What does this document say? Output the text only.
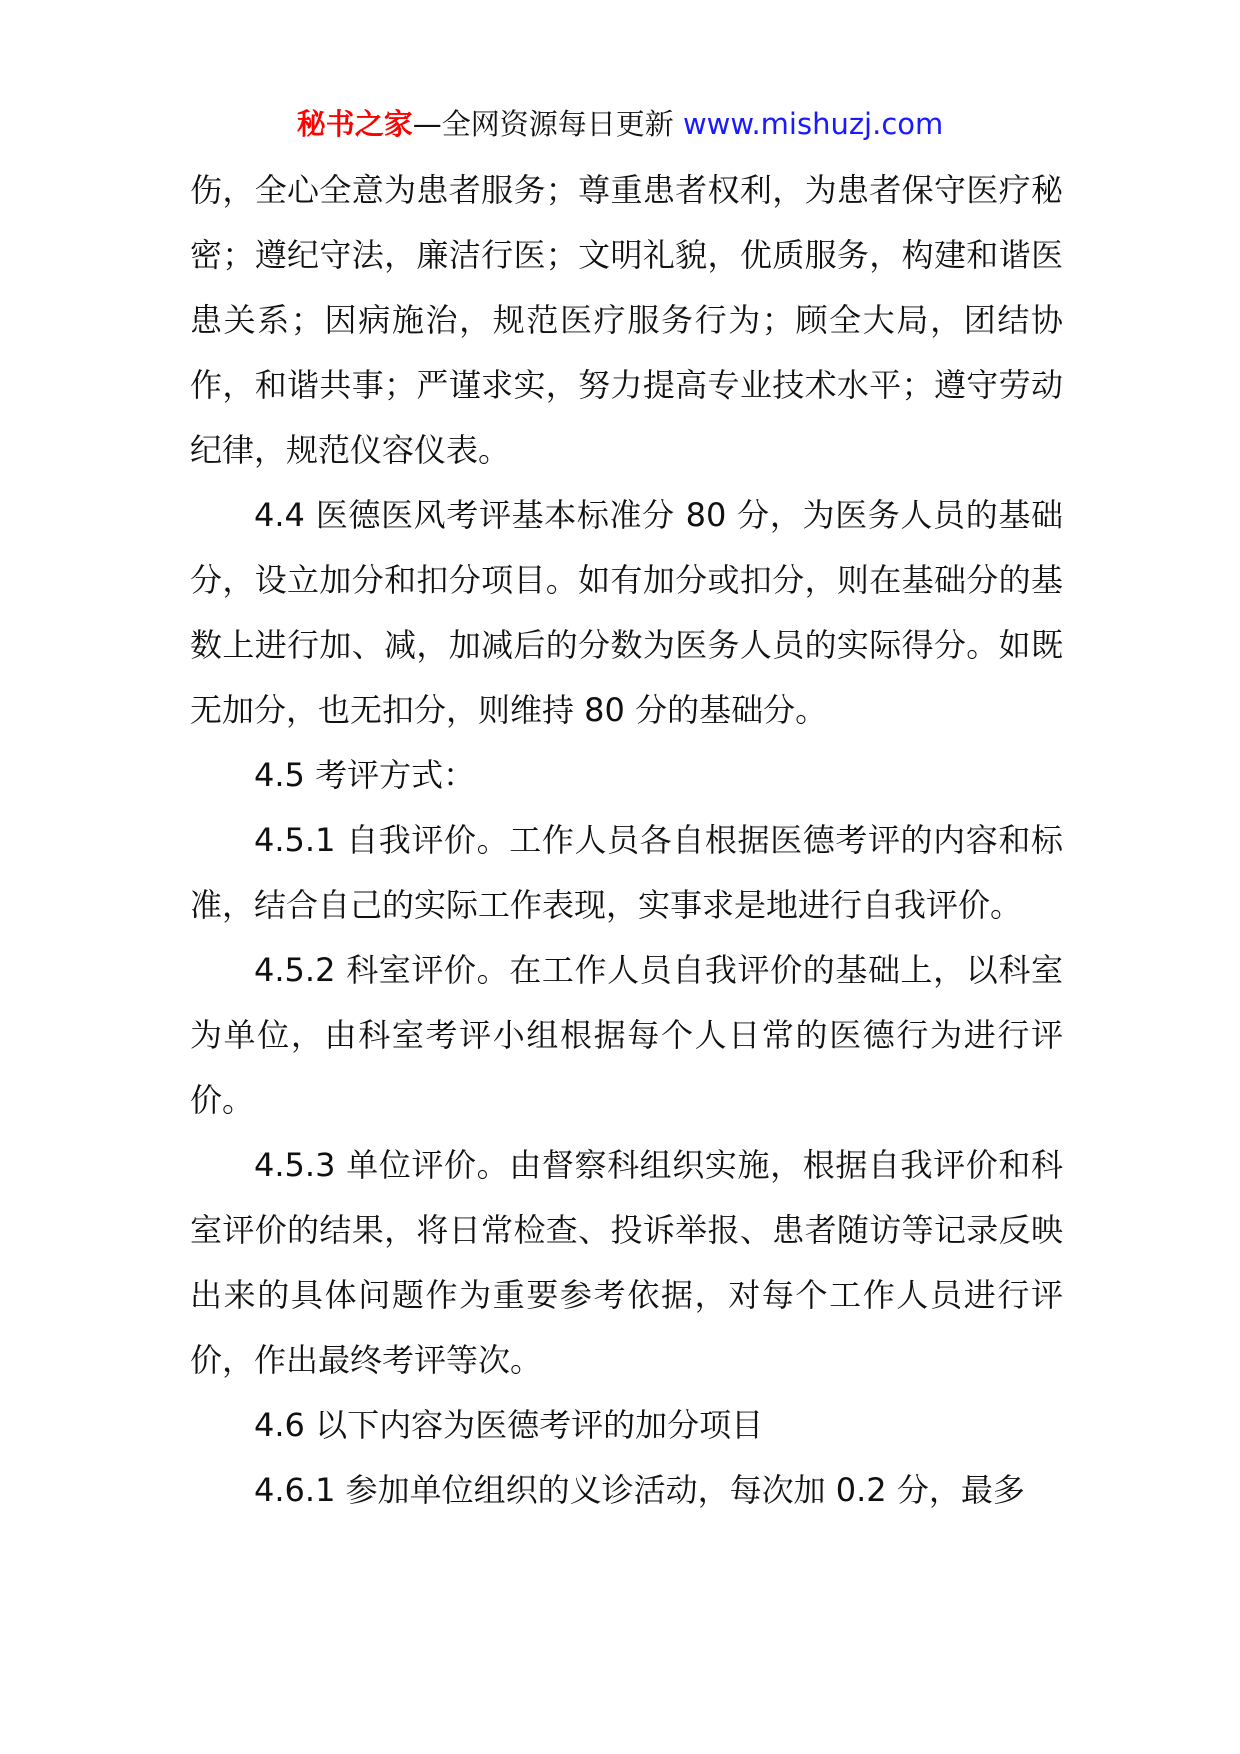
秘书之家—全网资源每日更新 www.mishuzj.com

伤，全心全意为患者服务；尊重患者权利，为患者保守医疗秘密；遵纪守法，廉洁行医；文明礼貌，优质服务，构建和谐医患关系；因病施治，规范医疗服务行为；顾全大局，团结协作，和谐共事；严谨求实，努力提高专业技术水平；遵守劳动纪律，规范仪容仪表。

4.4 医德医风考评基本标准分 80 分，为医务人员的基础分，设立加分和扣分项目。如有加分或扣分，则在基础分的基数上进行加、减，加减后的分数为医务人员的实际得分。如既无加分，也无扣分，则维持 80 分的基础分。

4.5 考评方式：

4.5.1 自我评价。工作人员各自根据医德考评的内容和标准，结合自己的实际工作表现，实事求是地进行自我评价。

4.5.2 科室评价。在工作人员自我评价的基础上，以科室为单位，由科室考评小组根据每个人日常的医德行为进行评价。

4.5.3 单位评价。由督察科组织实施，根据自我评价和科室评价的结果，将日常检查、投诉举报、患者随访等记录反映出来的具体问题作为重要参考依据，对每个工作人员进行评价，作出最终考评等次。

4.6 以下内容为医德考评的加分项目

4.6.1 参加单位组织的义诊活动，每次加 0.2 分，最多
